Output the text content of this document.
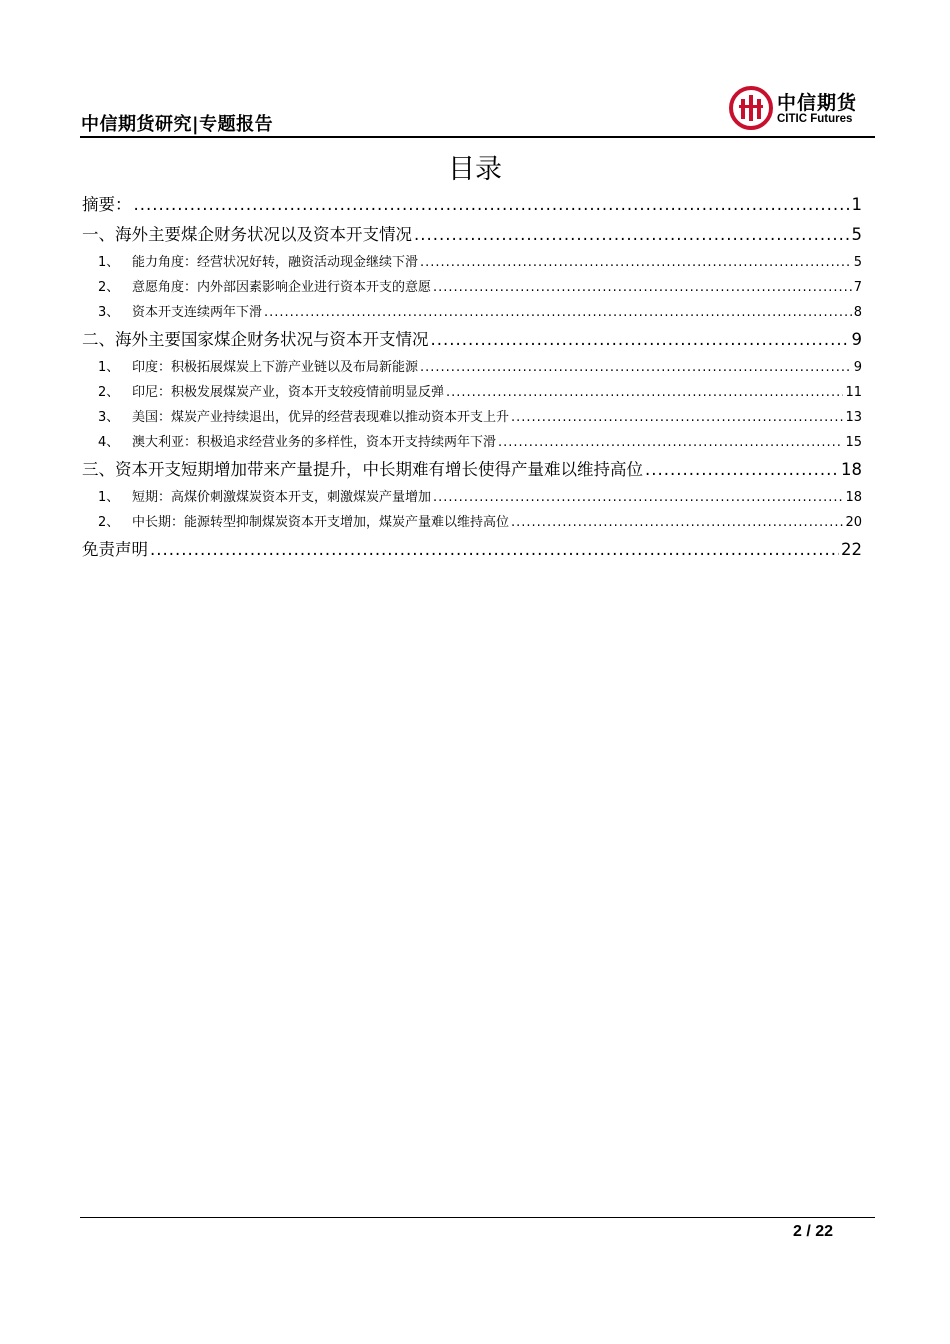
中信期货研究|专题报告
中信期货
CITIC Futures
目录
摘要： .....	1
一、海外主要煤企财务状况以及资本开支情况 .....	5
1、 能力角度：经营状况好转，融资活动现金继续下滑 .....	5
2、 意愿角度：内外部因素影响企业进行资本开支的意愿 .....	7
3、 资本开支连续两年下滑 .....	8
二、海外主要国家煤企财务状况与资本开支情况 .....	9
1、 印度：积极拓展煤炭上下游产业链以及布局新能源 .....	9
2、 印尼：积极发展煤炭产业，资本开支较疫情前明显反弹 .....	11
3、 美国：煤炭产业持续退出，优异的经营表现难以推动资本开支上升 .....	13
4、 澳大利亚：积极追求经营业务的多样性，资本开支持续两年下滑 .....	15
三、资本开支短期增加带来产量提升，中长期难有增长使得产量难以维持高位 .....	18
1、 短期：高煤价刺激煤炭资本开支，刺激煤炭产量增加 .....	18
2、 中长期：能源转型抑制煤炭资本开支增加，煤炭产量难以维持高位 .....	20
免责声明 .....	22
2 / 22
